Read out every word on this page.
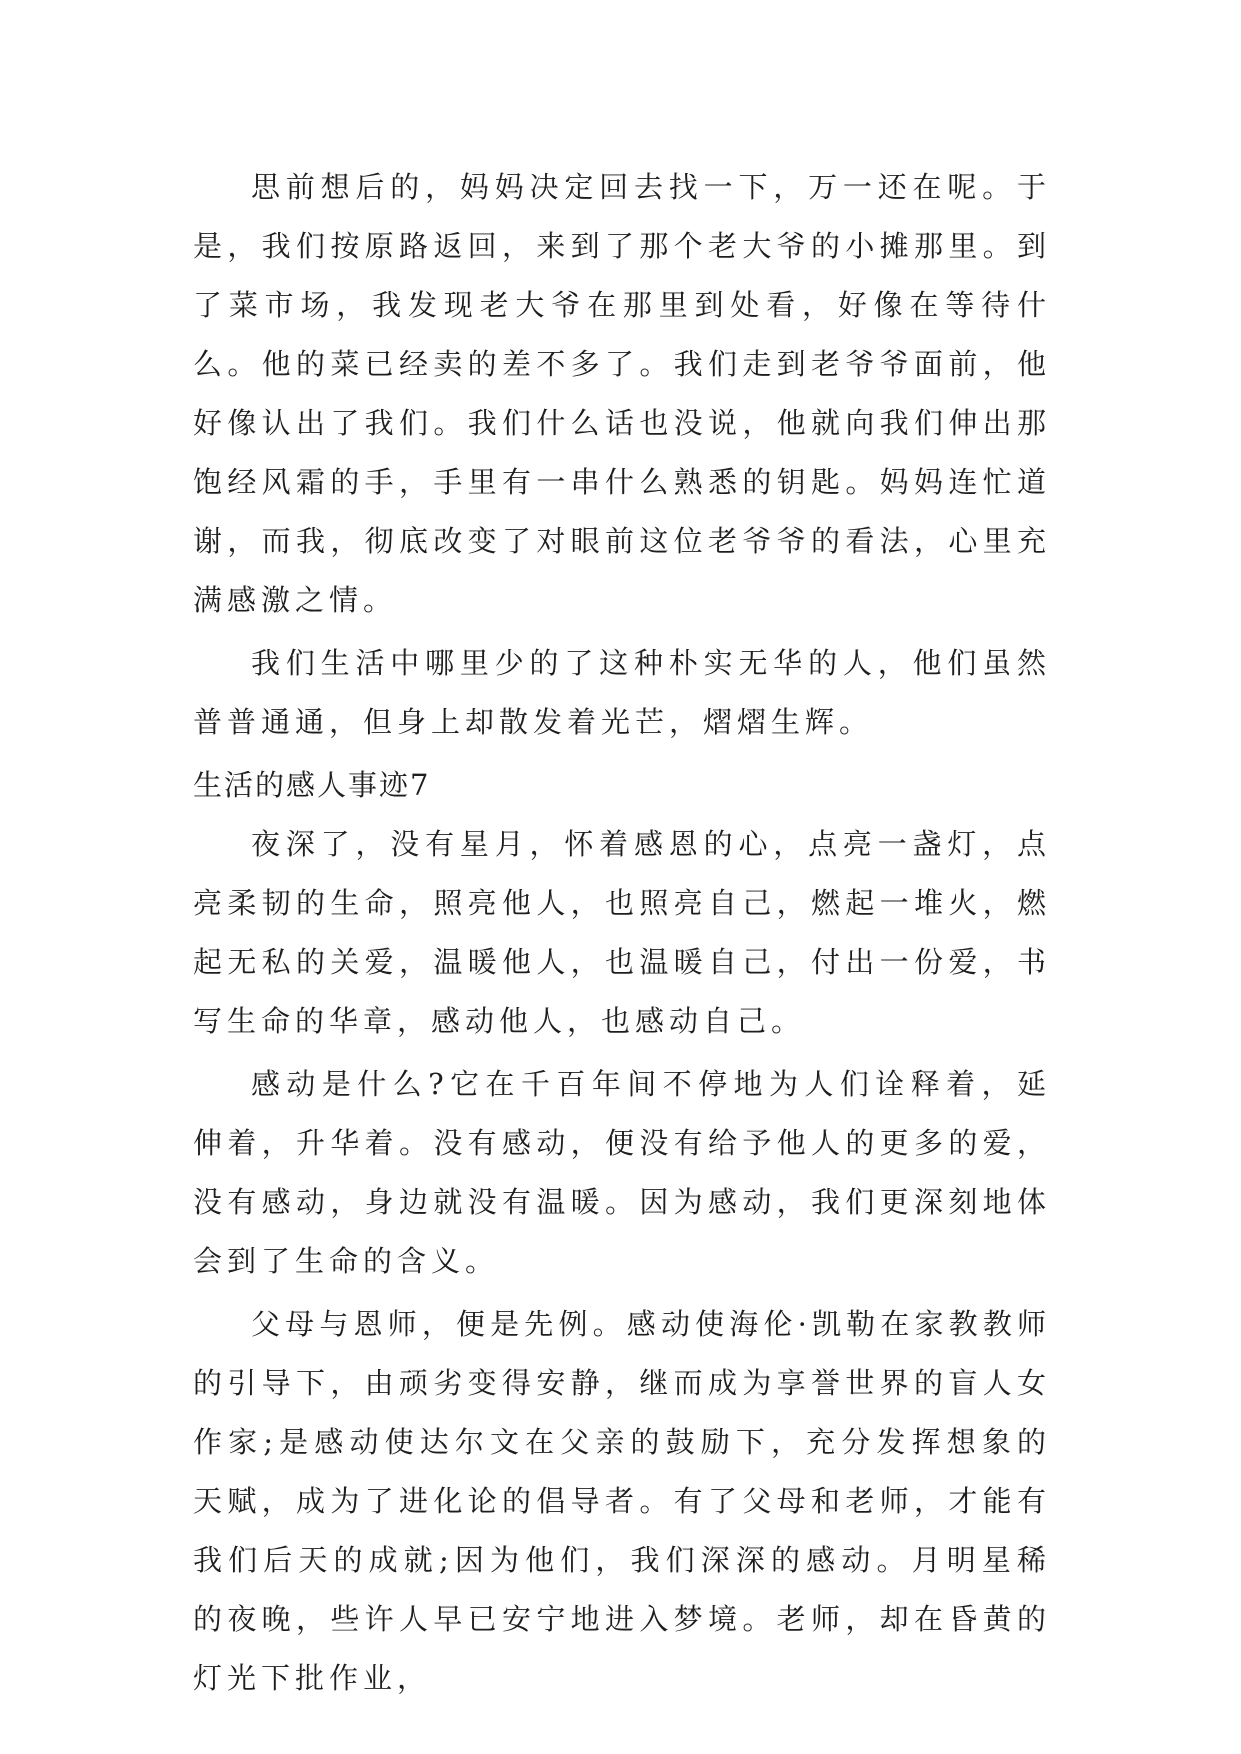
思前想后的，妈妈决定回去找一下，万一还在呢。于是，我们按原路返回，来到了那个老大爷的小摊那里。到了菜市场，我发现老大爷在那里到处看，好像在等待什么。他的菜已经卖的差不多了。我们走到老爷爷面前，他好像认出了我们。我们什么话也没说，他就向我们伸出那饱经风霜的手，手里有一串什么熟悉的钥匙。妈妈连忙道谢，而我，彻底改变了对眼前这位老爷爷的看法，心里充满感激之情。

我们生活中哪里少的了这种朴实无华的人，他们虽然普普通通，但身上却散发着光芒，熠熠生辉。

生活的感人事迹7

夜深了，没有星月，怀着感恩的心，点亮一盏灯，点亮柔韧的生命，照亮他人，也照亮自己，燃起一堆火，燃起无私的关爱，温暖他人，也温暖自己，付出一份爱，书写生命的华章，感动他人，也感动自己。

感动是什么?它在千百年间不停地为人们诠释着，延伸着，升华着。没有感动，便没有给予他人的更多的爱，没有感动，身边就没有温暖。因为感动，我们更深刻地体会到了生命的含义。

父母与恩师，便是先例。感动使海伦·凯勒在家教教师的引导下，由顽劣变得安静，继而成为享誉世界的盲人女作家;是感动使达尔文在父亲的鼓励下，充分发挥想象的天赋，成为了进化论的倡导者。有了父母和老师，才能有我们后天的成就;因为他们，我们深深的感动。月明星稀的夜晚，些许人早已安宁地进入梦境。老师，却在昏黄的灯光下批作业，
